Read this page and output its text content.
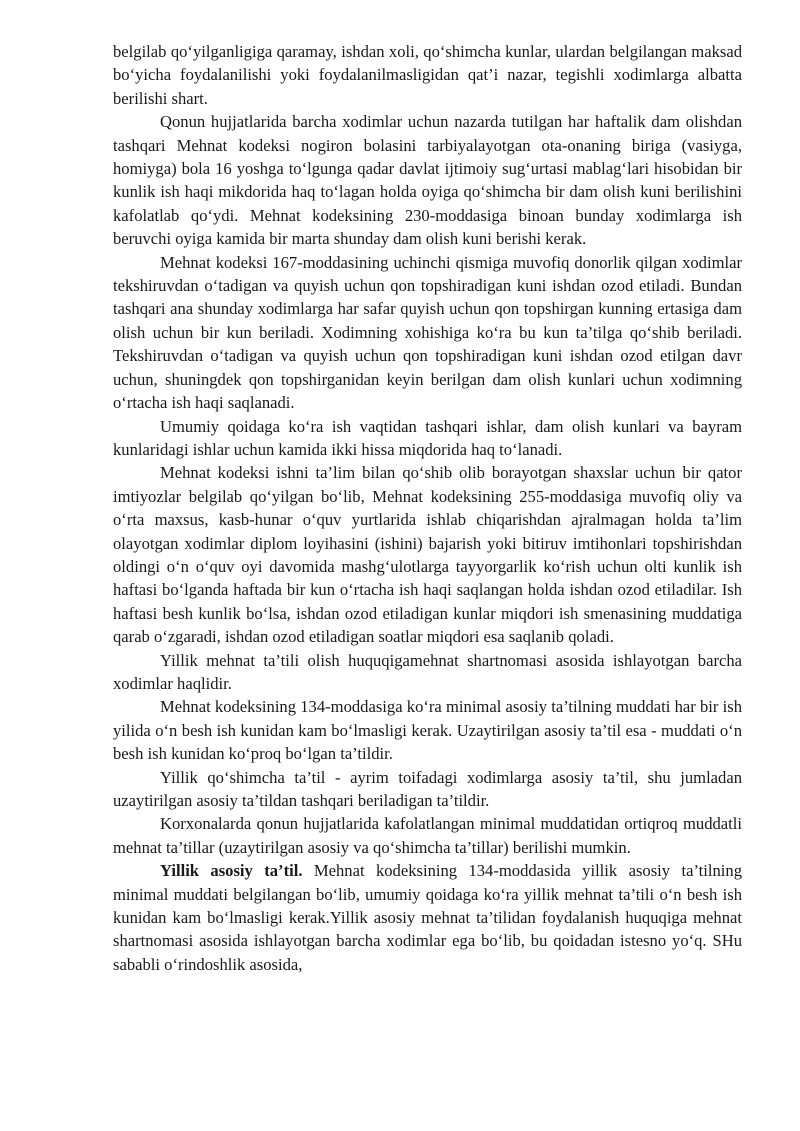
belgilab qo‘yilganligiga qaramay, ishdan xoli, qo‘shimcha kunlar, ulardan belgilangan maksad bo‘yicha foydalanilishi yoki foydalanilmasligidan qat’i nazar, tegishli xodimlarga albatta berilishi shart.

Qonun hujjatlarida barcha xodimlar uchun nazarda tutilgan har haftalik dam olishdan tashqari Mehnat kodeksi nogiron bolasini tarbiyalayotgan ota-onaning biriga (vasiyga, homiyga) bola 16 yoshga to‘lgunga qadar davlat ijtimoiy sug‘urtasi mablag‘lari hisobidan bir kunlik ish haqi mikdorida haq to‘lagan holda oyiga qo‘shimcha bir dam olish kuni berilishini kafolatlab qo‘ydi. Mehnat kodeksining 230-moddasiga binoan bunday xodimlarga ish beruvchi oyiga kamida bir marta shunday dam olish kuni berishi kerak.

Mehnat kodeksi 167-moddasining uchinchi qismiga muvofiq donorlik qilgan xodimlar tekshiruvdan o‘tadigan va quyish uchun qon topshiradigan kuni ishdan ozod etiladi. Bundan tashqari ana shunday xodimlarga har safar quyish uchun qon topshirgan kunning ertasiga dam olish uchun bir kun beriladi. Xodimning xohishiga ko‘ra bu kun ta’tilga qo‘shib beriladi. Tekshiruvdan o‘tadigan va quyish uchun qon topshiradigan kuni ishdan ozod etilgan davr uchun, shuningdek qon topshirganidan keyin berilgan dam olish kunlari uchun xodimning o‘rtacha ish haqi saqlanadi.

Umumiy qoidaga ko‘ra ish vaqtidan tashqari ishlar, dam olish kunlari va bayram kunlaridagi ishlar uchun kamida ikki hissa miqdorida haq to‘lanadi.

Mehnat kodeksi ishni ta’lim bilan qo‘shib olib borayotgan shaxslar uchun bir qator imtiyozlar belgilab qo‘yilgan bo‘lib, Mehnat kodeksining 255-moddasiga muvofiq oliy va o‘rta maxsus, kasb-hunar o‘quv yurtlarida ishlab chiqarishdan ajralmagan holda ta’lim olayotgan xodimlar diplom loyihasini (ishini) bajarish yoki bitiruv imtihonlari topshirishdan oldingi o‘n o‘quv oyi davomida mashg‘ulotlarga tayyorgarlik ko‘rish uchun olti kunlik ish haftasi bo‘lganda haftada bir kun o‘rtacha ish haqi saqlangan holda ishdan ozod etiladilar. Ish haftasi besh kunlik bo‘lsa, ishdan ozod etiladigan kunlar miqdori ish smenasining muddatiga qarab o‘zgaradi, ishdan ozod etiladigan soatlar miqdori esa saqlanib qoladi.

Yillik mehnat ta’tili olish huquqigamehnat shartnomasi asosida ishlayotgan barcha xodimlar haqlidir.

Mehnat kodeksining 134-moddasiga ko‘ra minimal asosiy ta’tilning muddati har bir ish yilida o‘n besh ish kunidan kam bo‘lmasligi kerak. Uzaytirilgan asosiy ta’til esa - muddati o‘n besh ish kunidan ko‘proq bo‘lgan ta’tildir.

Yillik qo‘shimcha ta’til - ayrim toifadagi xodimlarga asosiy ta’til, shu jumladan uzaytirilgan asosiy ta’tildan tashqari beriladigan ta’tildir.

Korxonalarda qonun hujjatlarida kafolatlangan minimal muddatidan ortiqroq muddatli mehnat ta’tillar (uzaytirilgan asosiy va qo‘shimcha ta’tillar) berilishi mumkin.

Yillik asosiy ta’til. Mehnat kodeksining 134-moddasida yillik asosiy ta’tilning minimal muddati belgilangan bo‘lib, umumiy qoidaga ko‘ra yillik mehnat ta’tili o‘n besh ish kunidan kam bo‘lmasligi kerak.Yillik asosiy mehnat ta’tilidan foydalanish huquqiga mehnat shartnomasi asosida ishlayotgan barcha xodimlar ega bo‘lib, bu qoidadan istesno yo‘q. SHu sababli o‘rindoshlik asosida,
